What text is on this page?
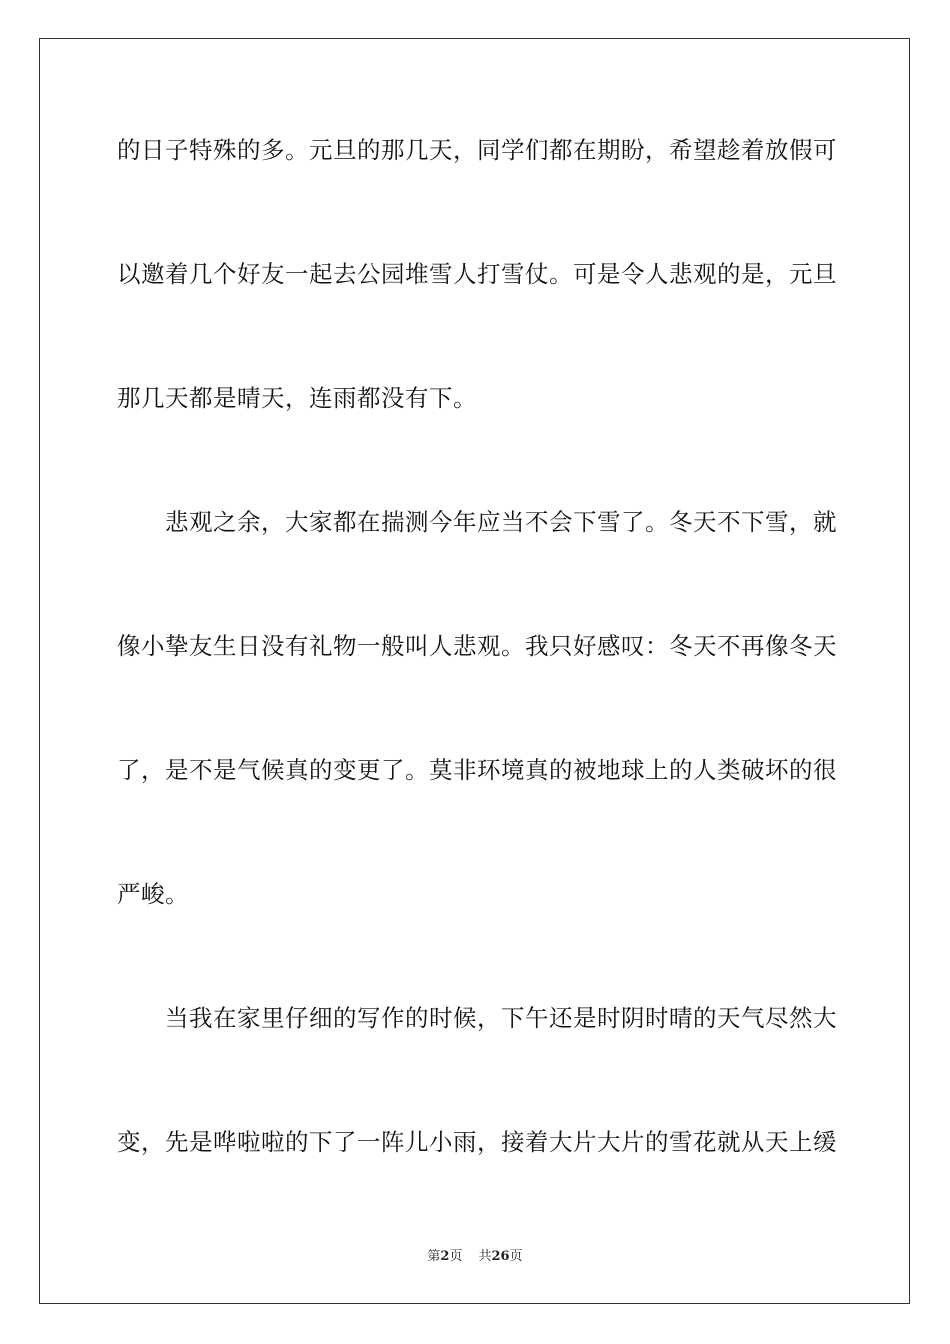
的日子特殊的多。元旦的那几天，同学们都在期盼，希望趁着放假可
以邀着几个好友一起去公园堆雪人打雪仗。可是令人悲观的是，元旦
那几天都是晴天，连雨都没有下。
悲观之余，大家都在揣测今年应当不会下雪了。冬天不下雪，就
像小挚友生日没有礼物一般叫人悲观。我只好感叹：冬天不再像冬天
了，是不是气候真的变更了。莫非环境真的被地球上的人类破坏的很
严峻。
当我在家里仔细的写作的时候，下午还是时阴时晴的天气尽然大
变，先是哗啦啦的下了一阵儿小雨，接着大片大片的雪花就从天上缓
第2页 共26页
